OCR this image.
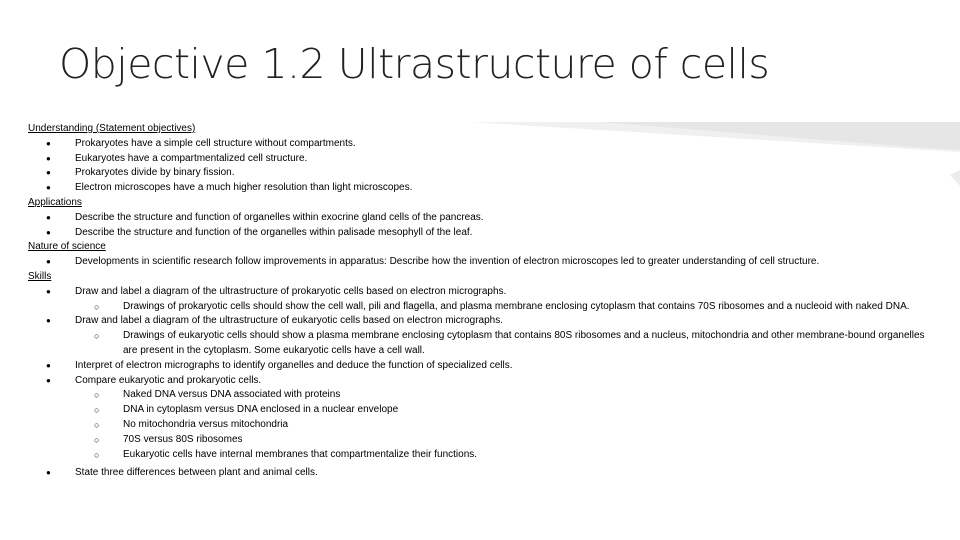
Objective 1.2 Ultrastructure of cells
Understanding (Statement objectives)
● Prokaryotes have a simple cell structure without compartments.
● Eukaryotes have a compartmentalized cell structure.
● Prokaryotes divide by binary fission.
● Electron microscopes have a much higher resolution than light microscopes.
Applications
● Describe the structure and function of organelles within exocrine gland cells of the pancreas.
● Describe the structure and function of the organelles within palisade mesophyll of the leaf.
Nature of science
● Developments in scientific research follow improvements in apparatus: Describe how the invention of electron microscopes led to greater understanding of cell structure.
Skills
● Draw and label a diagram of the ultrastructure of prokaryotic cells based on electron micrographs.
○ Drawings of prokaryotic cells should show the cell wall, pili and flagella, and plasma membrane enclosing cytoplasm that contains 70S ribosomes and a nucleoid with naked DNA.
● Draw and label a diagram of the ultrastructure of eukaryotic cells based on electron micrographs.
○ Drawings of eukaryotic cells should show a plasma membrane enclosing cytoplasm that contains 80S ribosomes and a nucleus, mitochondria and other membrane-bound organelles are present in the cytoplasm. Some eukaryotic cells have a cell wall.
● Interpret of electron micrographs to identify organelles and deduce the function of specialized cells.
● Compare eukaryotic and prokaryotic cells.
○ Naked DNA versus DNA associated with proteins
○ DNA in cytoplasm versus DNA enclosed in a nuclear envelope
○ No mitochondria versus mitochondria
○ 70S versus 80S ribosomes
○ Eukaryotic cells have internal membranes that compartmentalize their functions.
● State three differences between plant and animal cells.
